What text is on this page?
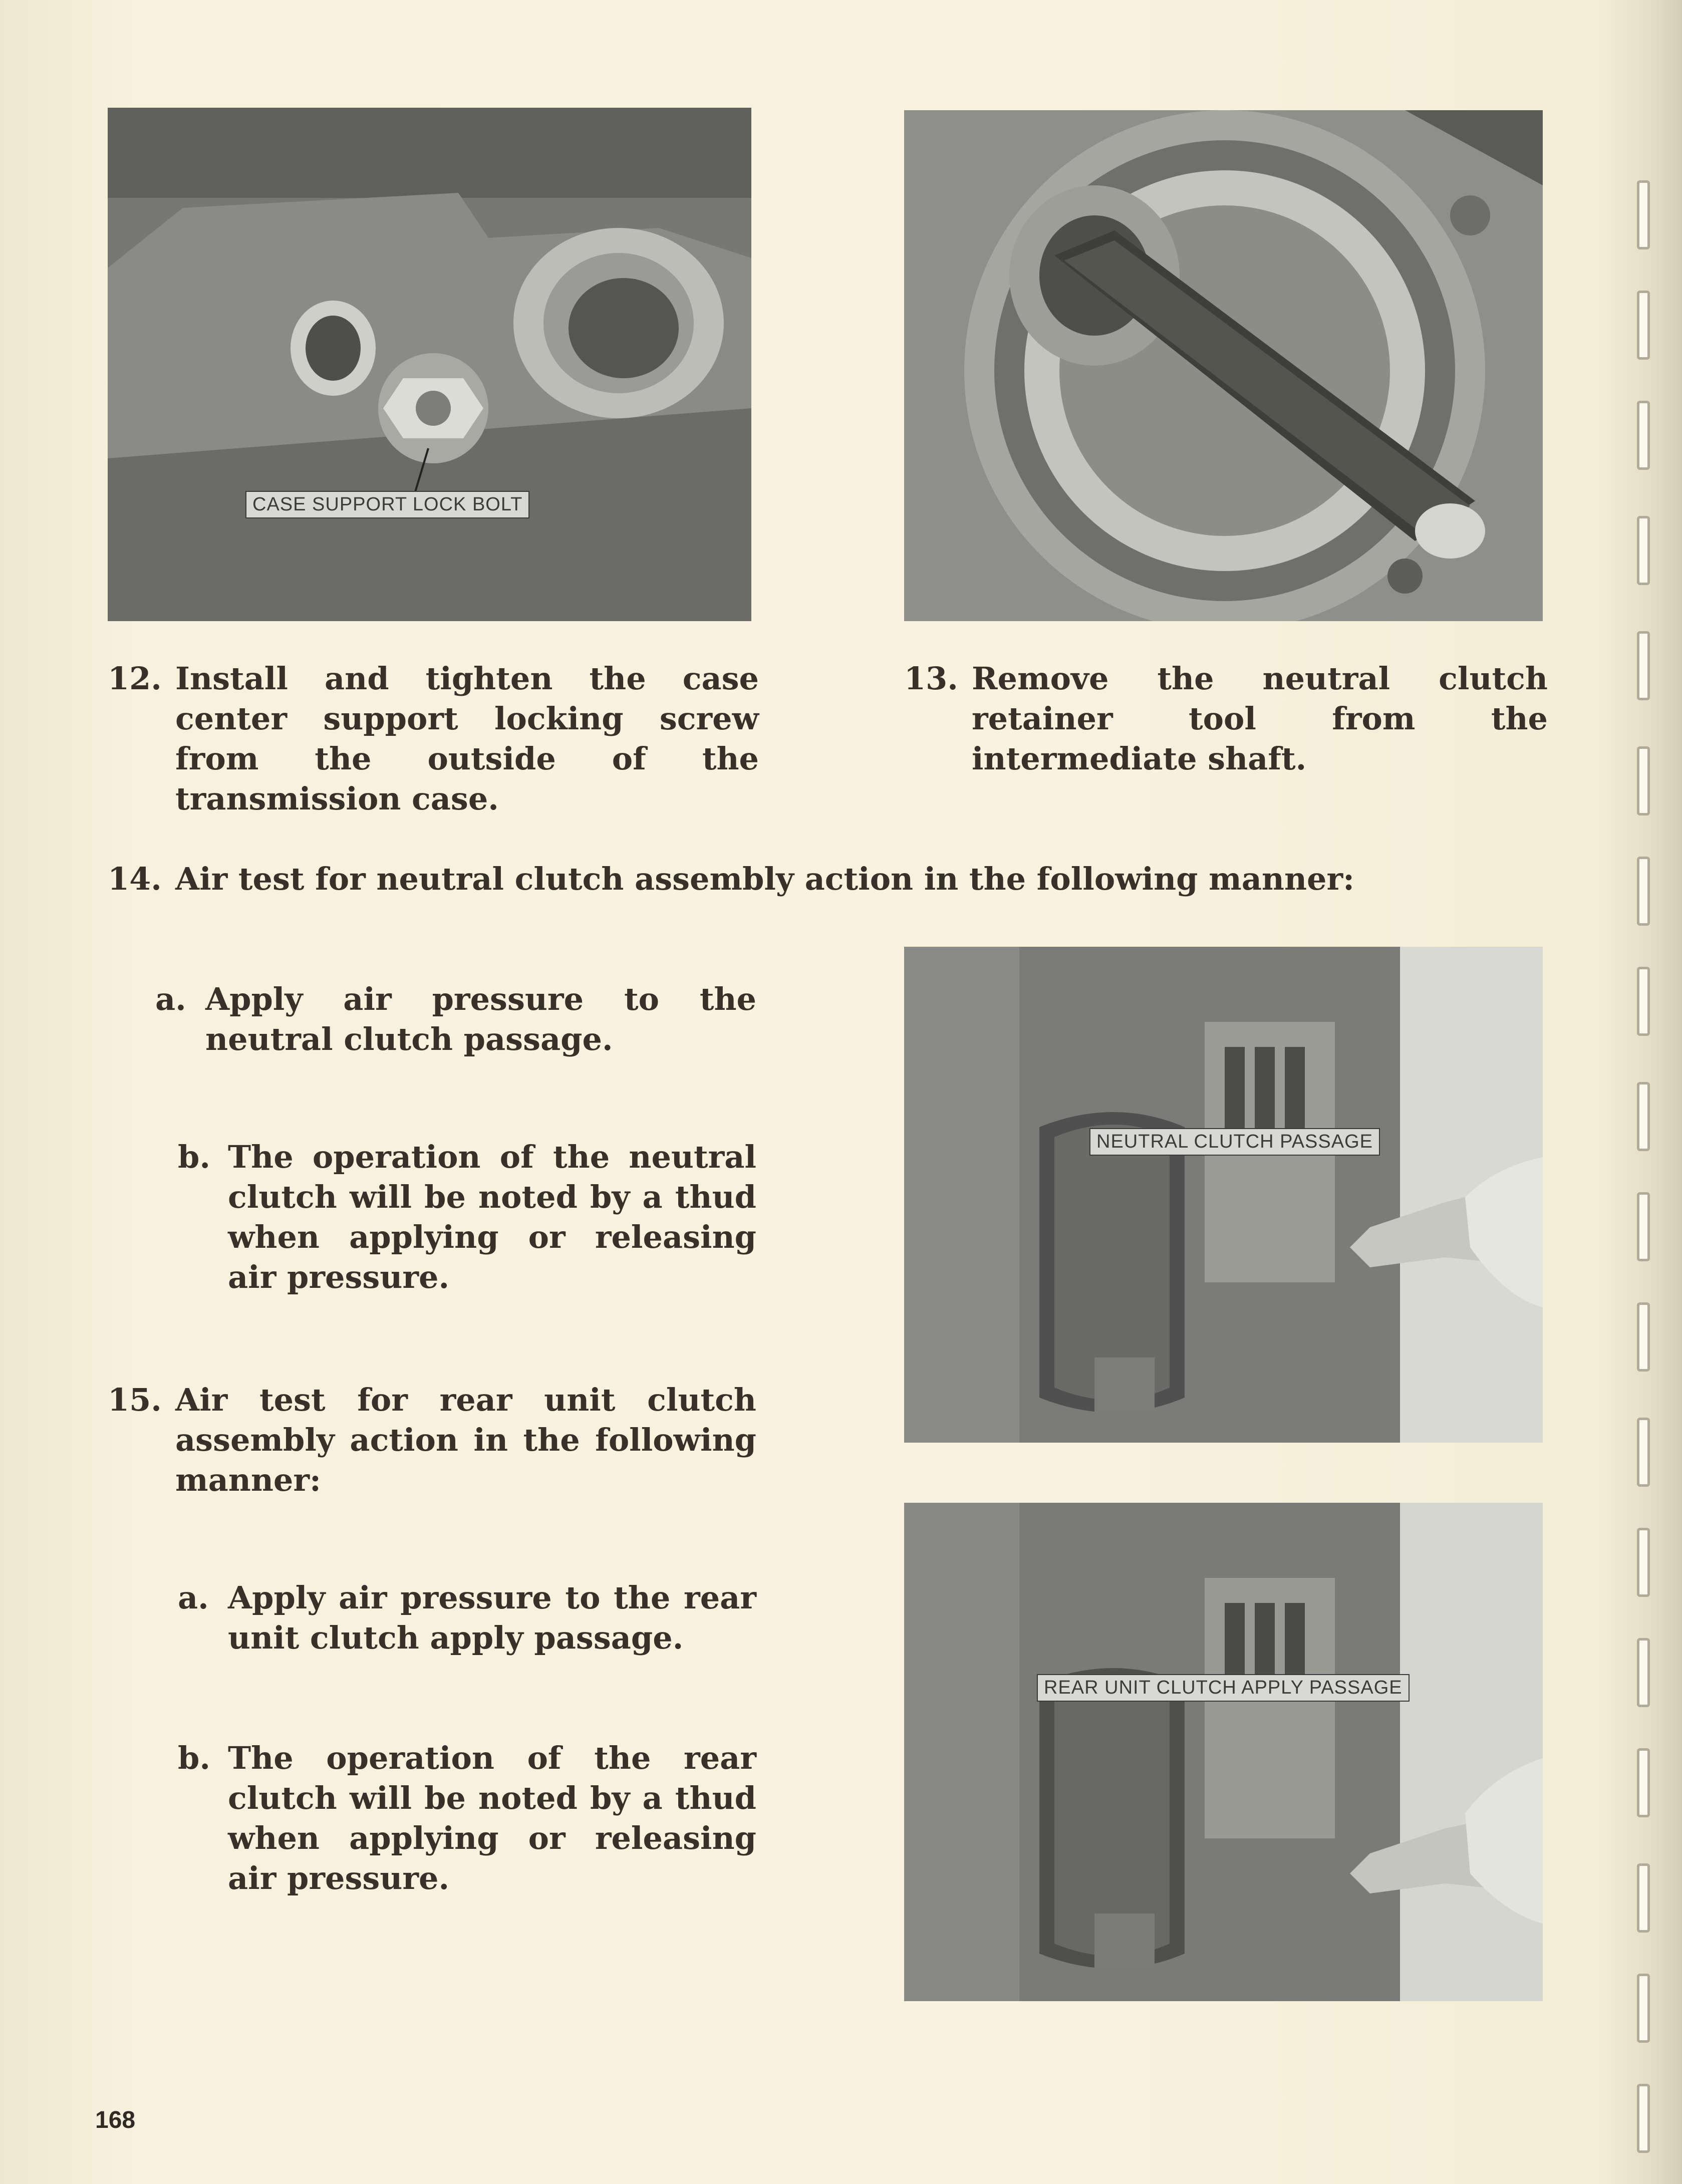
CASE SUPPORT LOCK BOLT
12. Install and tighten the case center support locking screw from the outside of the transmission case.
13. Remove the neutral clutch retainer tool from the intermediate shaft.
14. Air test for neutral clutch assembly action in the following manner:
a. Apply air pressure to the neutral clutch passage.
b. The operation of the neutral clutch will be noted by a thud when applying or releasing air pressure.
15. Air test for rear unit clutch assembly action in the following manner:
a. Apply air pressure to the rear unit clutch apply passage.
b. The operation of the rear clutch will be noted by a thud when applying or releasing air pressure.
NEUTRAL CLUTCH PASSAGE
REAR UNIT CLUTCH APPLY PASSAGE
168
